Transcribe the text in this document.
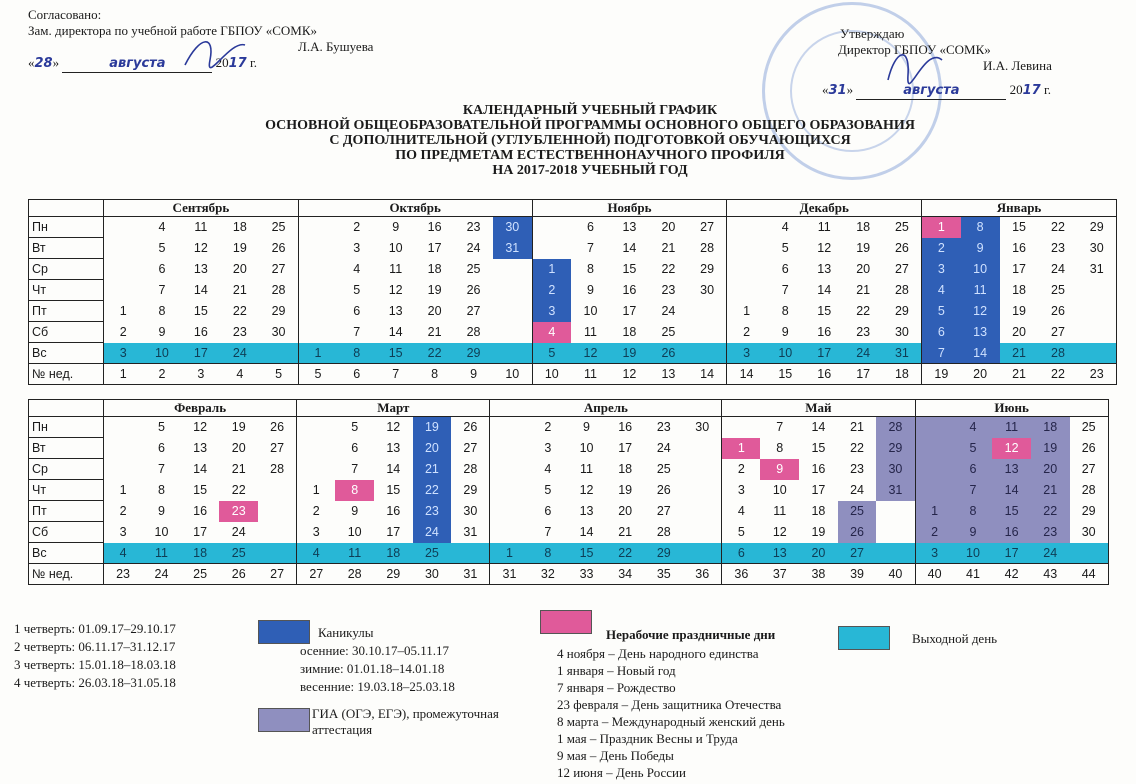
Согласовано:
Зам. директора по учебной работе ГБПОУ «СОМК»
Л.А. Бушуева
«28»	августа	2017 г.
Утверждаю
Директор ГБПОУ «СОМК»
И.А. Левина
«31»	августа	2017 г.
КАЛЕНДАРНЫЙ УЧЕБНЫЙ ГРАФИК
ОСНОВНОЙ ОБЩЕОБРАЗОВАТЕЛЬНОЙ ПРОГРАММЫ ОСНОВНОГО ОБЩЕГО ОБРАЗОВАНИЯ
С ДОПОЛНИТЕЛЬНОЙ (УГЛУБЛЕННОЙ) ПОДГОТОВКОЙ ОБУЧАЮЩИХСЯ
ПО ПРЕДМЕТАМ ЕСТЕСТВЕННОНАУЧНОГО ПРОФИЛЯ
НА 2017-2018 УЧЕБНЫЙ ГОД
	Сентябрь					Октябрь						Ноябрь					Декабрь					Январь				
Пн		4	11	18	25		2	9	16	23	30		6	13	20	27		4	11	18	25	1	8	15	22	29
Вт		5	12	19	26		3	10	17	24	31		7	14	21	28		5	12	19	26	2	9	16	23	30
Ср		6	13	20	27		4	11	18	25		1	8	15	22	29		6	13	20	27	3	10	17	24	31
Чт		7	14	21	28		5	12	19	26		2	9	16	23	30		7	14	21	28	4	11	18	25	
Пт	1	8	15	22	29		6	13	20	27		3	10	17	24		1	8	15	22	29	5	12	19	26	
Сб	2	9	16	23	30		7	14	21	28		4	11	18	25		2	9	16	23	30	6	13	20	27	
Вс	3	10	17	24		1	8	15	22	29		5	12	19	26		3	10	17	24	31	7	14	21	28	
№ нед.	1	2	3	4	5	5	6	7	8	9	10	10	11	12	13	14	14	15	16	17	18	19	20	21	22	23
	Февраль					Март					Апрель						Май					Июнь				
Пн		5	12	19	26		5	12	19	26		2	9	16	23	30		7	14	21	28		4	11	18	25
Вт		6	13	20	27		6	13	20	27		3	10	17	24		1	8	15	22	29		5	12	19	26
Ср		7	14	21	28		7	14	21	28		4	11	18	25		2	9	16	23	30		6	13	20	27
Чт	1	8	15	22		1	8	15	22	29		5	12	19	26		3	10	17	24	31		7	14	21	28
Пт	2	9	16	23		2	9	16	23	30		6	13	20	27		4	11	18	25		1	8	15	22	29
Сб	3	10	17	24		3	10	17	24	31		7	14	21	28		5	12	19	26		2	9	16	23	30
Вс	4	11	18	25		4	11	18	25		1	8	15	22	29		6	13	20	27		3	10	17	24	
№ нед.	23	24	25	26	27	27	28	29	30	31	31	32	33	34	35	36	36	37	38	39	40	40	41	42	43	44
1 четверть: 01.09.17–29.10.17
2 четверть: 06.11.17–31.12.17
3 четверть: 15.01.18–18.03.18
4 четверть: 26.03.18–31.05.18
Каникулы
осенние: 30.10.17–05.11.17
зимние: 01.01.18–14.01.18
весенние: 19.03.18–25.03.18
ГИА (ОГЭ, ЕГЭ), промежуточная аттестация
Нерабочие праздничные дни
4 ноября – День народного единства
1 января – Новый год
7 января – Рождество
23 февраля – День защитника Отечества
8 марта – Международный женский день
1 мая – Праздник Весны и Труда
9 мая – День Победы
12 июня – День России
Выходной день
